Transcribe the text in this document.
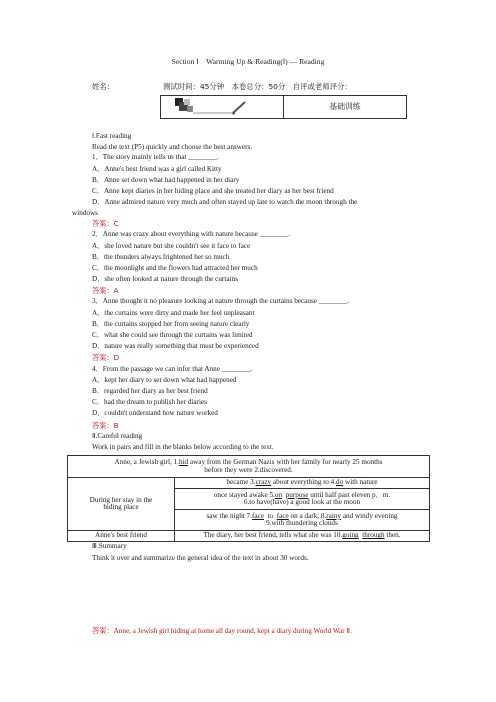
Section Ⅰ　Warming Up & Reading(Ⅰ) — Reading
姓名：	测试时间：45分钟　本卷总分：50分　自评或老师评分：
基础训练
Ⅰ.Fast reading
Read the text (P5) quickly and choose the best answers.
1．The story mainly tells us that ________.
A．Anne's best friend was a girl called Kitty
B．Anne set down what had happened in her diary
C．Anne kept diaries in her hiding place and she treated her diary as her best friend
D．Anne admired nature very much and often stayed up late to watch the moon through the
windows
答案：C
2．Anne was crazy about everything with nature because ________.
A．she loved nature but she couldn't see it face to face
B．the thunders always frightened her so much
C．the moonlight and the flowers had attracted her much
D．she often looked at nature through the curtains
答案：A
3．Anne thought it no pleasure looking at nature through the curtains because ________.
A．the curtains were dirty and made her feel unpleasant
B．the curtains stopped her from seeing nature clearly
C．what she could see through the curtains was limited
D．nature was really something that must be experienced
答案：D
4．From the passage we can infer that Anne ________.
A．kept her diary to set down what had happened
B．regarded her diary as her best friend
C．had the dream to publish her diaries
D．couldn't understand how nature worked
答案：B
Ⅱ.Careful reading
Work in pairs and fill in the blanks below according to the text.
Anne, a Jewish girl, 1.hid away from the German Nazis with her family for nearly 25 months
before they were 2.discovered.	
During her stay in the
hiding place	became 3.crazy about everything to 4.do with nature
	once stayed awake 5.on purpose until half past eleven p．m.
6.to have(have) a good look at the moon
	saw the night 7.face  to  face on a dark, 8.rainy and windy evening
9.with thundering clouds
Anne's best friend	The diary, her best friend, tells what she was 10.going through then.
Ⅲ.Summary
Think it over and summarize the general idea of the text in about 30 words.
答案：Anne, a Jewish girl hiding at home all day round, kept a diary during World War Ⅱ.
